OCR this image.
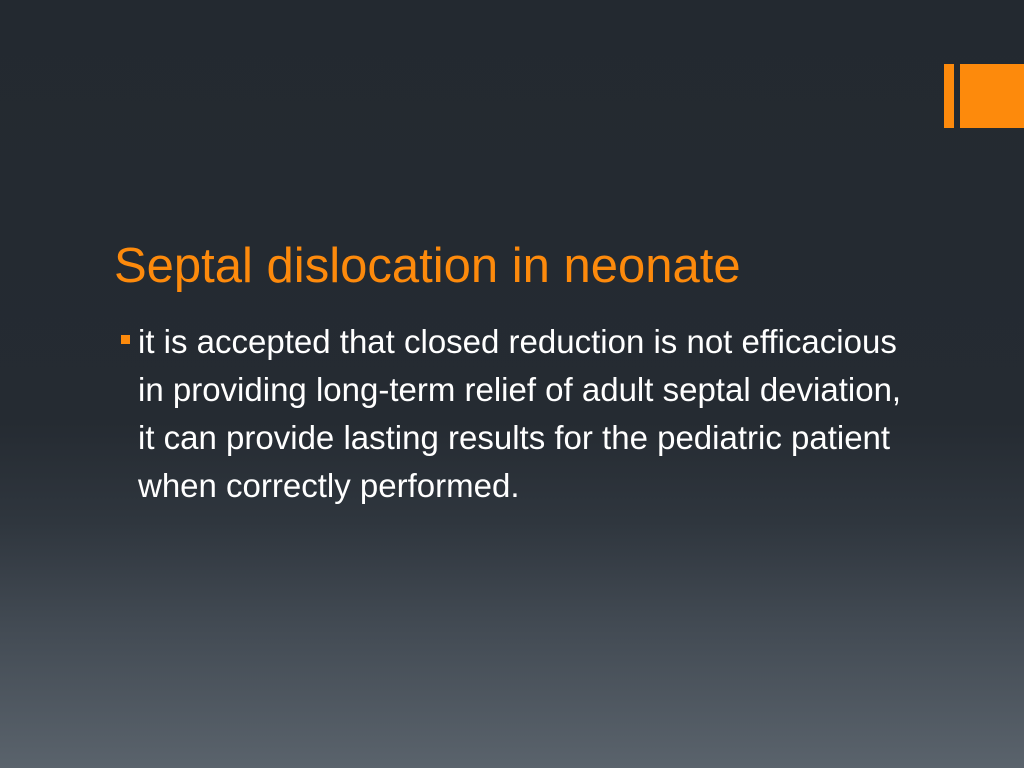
Septal dislocation in neonate

it is accepted that closed reduction is not efficacious in providing long-term relief of adult septal deviation, it can provide lasting results for the pediatric patient when correctly performed.
